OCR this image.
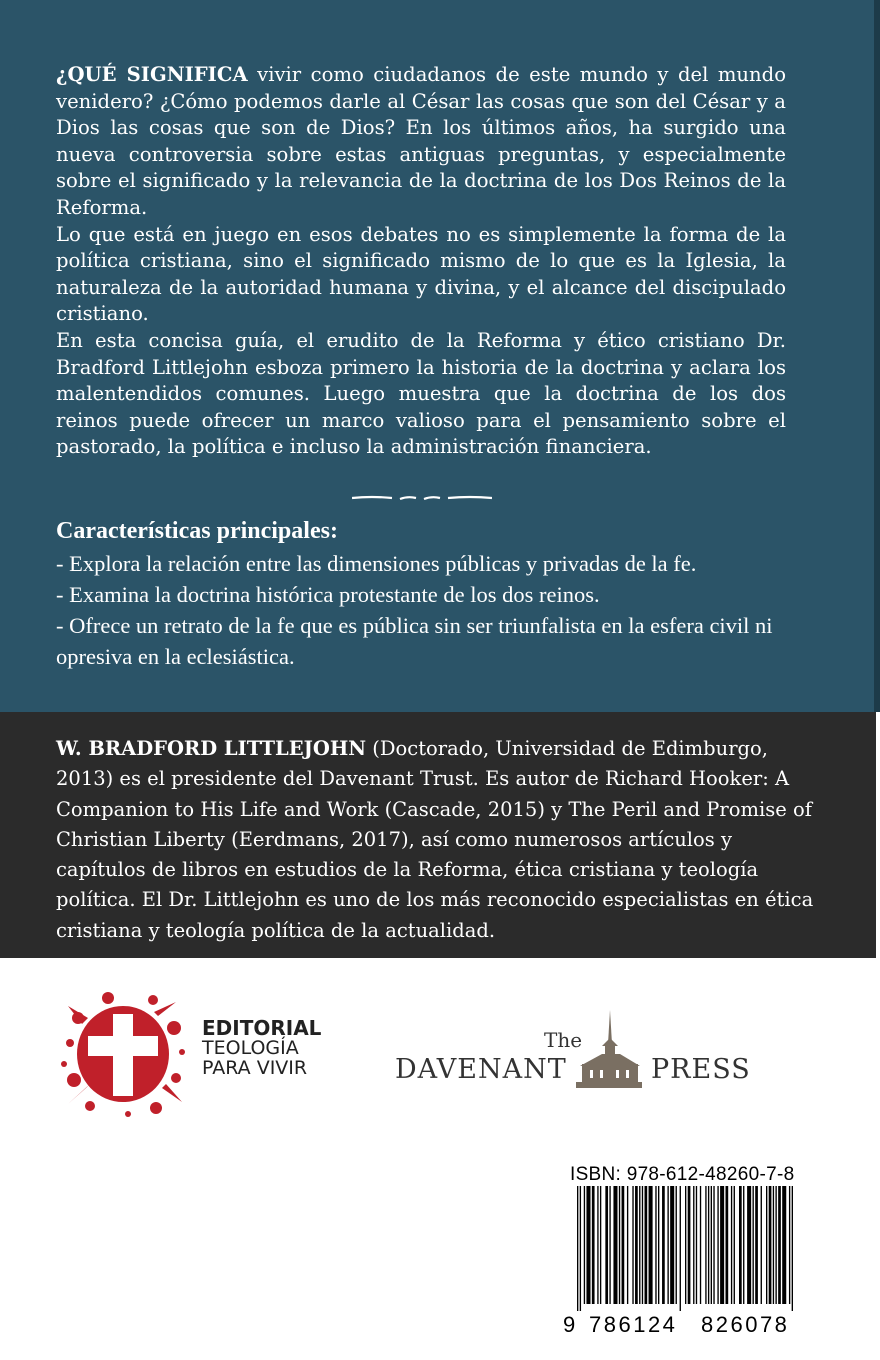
¿QUÉ SIGNIFICA vivir como ciudadanos de este mundo y del mundo venidero? ¿Cómo podemos darle al César las cosas que son del César y a Dios las cosas que son de Dios? En los últimos años, ha surgido una nueva controversia sobre estas antiguas preguntas, y especialmente sobre el significado y la relevancia de la doctrina de los Dos Reinos de la Reforma.

Lo que está en juego en esos debates no es simplemente la forma de la política cristiana, sino el significado mismo de lo que es la Iglesia, la naturaleza de la autoridad humana y divina, y el alcance del discipulado cristiano.

En esta concisa guía, el erudito de la Reforma y ético cristiano Dr. Bradford Littlejohn esboza primero la historia de la doctrina y aclara los malentendidos comunes. Luego muestra que la doctrina de los dos reinos puede ofrecer un marco valioso para el pensamiento sobre el pastorado, la política e incluso la administración financiera.

Características principales:
- Explora la relación entre las dimensiones públicas y privadas de la fe.
- Examina la doctrina histórica protestante de los dos reinos.
- Ofrece un retrato de la fe que es pública sin ser triunfalista en la esfera civil ni opresiva en la eclesiástica.

W. BRADFORD LITTLEJOHN (Doctorado, Universidad de Edimburgo, 2013) es el presidente del Davenant Trust. Es autor de Richard Hooker: A Companion to His Life and Work (Cascade, 2015) y The Peril and Promise of Christian Liberty (Eerdmans, 2017), así como numerosos artículos y capítulos de libros en estudios de la Reforma, ética cristiana y teología política. El Dr. Littlejohn es uno de los más reconocido especialistas en ética cristiana y teología política de la actualidad.

EDITORIAL
TEOLOGÍA
PARA VIVIR
The
DAVENANT	PRESS
ISBN: 978-612-48260-7-8
9 786124 826078
